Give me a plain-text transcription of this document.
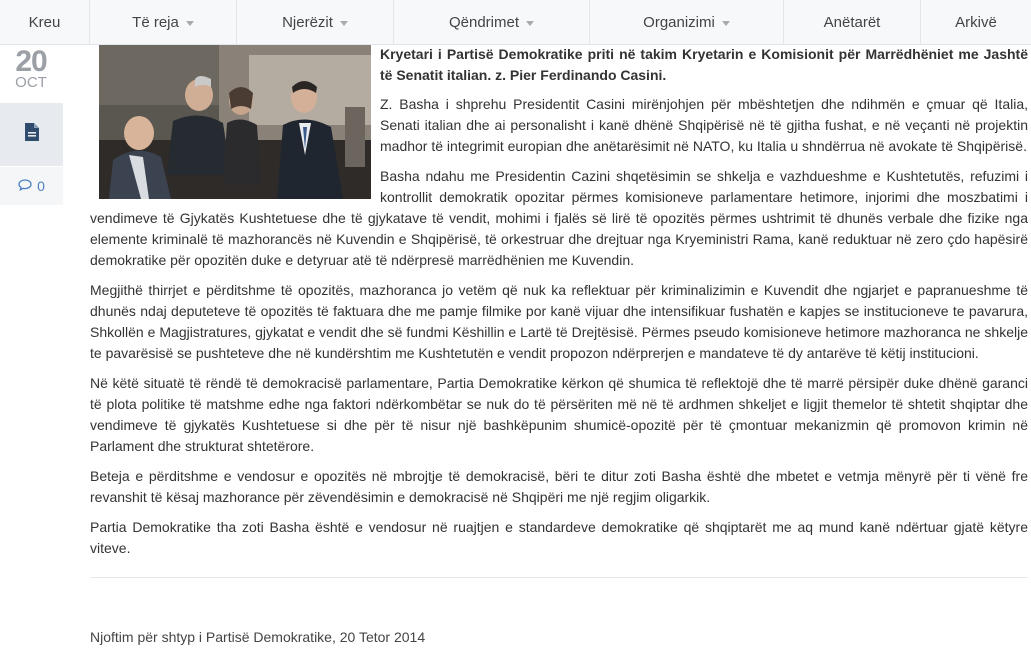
Kreu	Të reja	Njerëzit	Qëndrimet	Organizimi	Anëtarët	Arkivë
20
OCT
0
Kryetari i Partisë Demokratike priti në takim Kryetarin e Komisionit për Marrëdhëniet me Jashtë të Senatit italian. z. Pier Ferdinando Casini.

Z. Basha i shprehu Presidentit Casini mirënjohjen për mbështetjen dhe ndihmën e çmuar që Italia, Senati italian dhe ai personalisht i kanë dhënë Shqipërisë në të gjitha fushat, e në veçanti në projektin madhor të integrimit europian dhe anëtarësimit në NATO, ku Italia u shndërrua në avokate të Shqipërisë.

Basha ndahu me Presidentin Cazini shqetësimin se shkelja e vazhdueshme e Kushtetutës, refuzimi i kontrollit demokratik opozitar përmes komisioneve parlamentare hetimore, injorimi dhe moszbatimi i vendimeve të Gjykatës Kushtetuese dhe të gjykatave të vendit, mohimi i fjalës së lirë të opozitës përmes ushtrimit të dhunës verbale dhe fizike nga elemente kriminalë të mazhorancës në Kuvendin e Shqipërisë, të orkestruar dhe drejtuar nga Kryeministri Rama, kanë reduktuar në zero çdo hapësirë demokratike për opozitën duke e detyruar atë të ndërpresë marrëdhënien me Kuvendin.

Megjithë thirrjet e përditshme të opozitës, mazhoranca jo vetëm që nuk ka reflektuar për kriminalizimin e Kuvendit dhe ngjarjet e papranueshme të dhunës ndaj deputeteve të opozitës të faktuara dhe me pamje filmike por kanë vijuar dhe intensifikuar fushatën e kapjes se institucioneve te pavarura, Shkollën e Magjistratures, gjykatat e vendit dhe së fundmi Këshillin e Lartë të Drejtësisë. Përmes pseudo komisioneve hetimore mazhoranca ne shkelje te pavarësisë se pushteteve dhe në kundërshtim me Kushtetutën e vendit propozon ndërprerjen e mandateve të dy antarëve të këtij institucioni.

Në këtë situatë të rëndë të demokracisë parlamentare, Partia Demokratike kërkon që shumica të reflektojë dhe të marrë përsipër duke dhënë garanci të plota politike të matshme edhe nga faktori ndërkombëtar se nuk do të përsëriten më në të ardhmen shkeljet e ligjit themelor të shtetit shqiptar dhe vendimeve të gjykatës Kushtetuese si dhe për të nisur një bashkëpunim shumicë-opozitë për të çmontuar mekanizmin që promovon krimin në Parlament dhe strukturat shtetërore.

Beteja e përditshme e vendosur e opozitës në mbrojtje të demokracisë, bëri te ditur zoti Basha është dhe mbetet e vetmja mënyrë për ti vënë fre revanshit të kësaj mazhorance për zëvendësimin e demokracisë në Shqipëri me një regjim oligarkik.

Partia Demokratike tha zoti Basha është e vendosur në ruajtjen e standardeve demokratike që shqiptarët me aq mund kanë ndërtuar gjatë këtyre viteve.

Njoftim për shtyp i Partisë Demokratike, 20 Tetor 2014
